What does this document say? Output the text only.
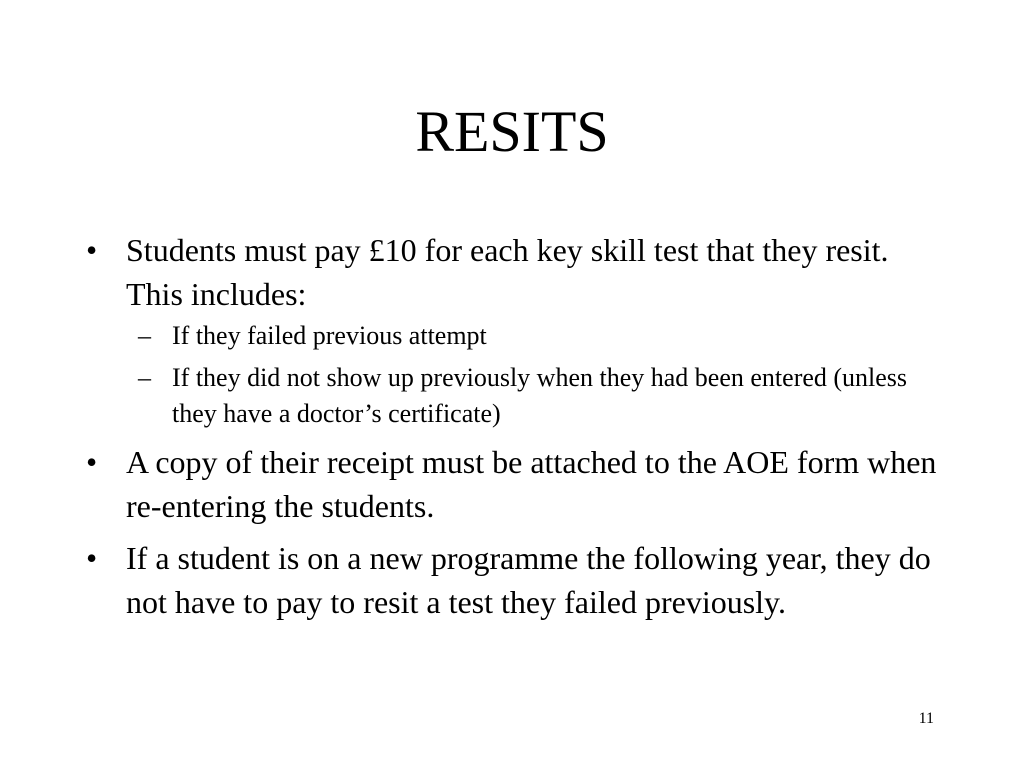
RESITS
• Students must pay £10 for each key skill test that they resit. This includes:
– If they failed previous attempt
– If they did not show up previously when they had been entered (unless they have a doctor’s certificate)
• A copy of their receipt must be attached to the AOE form when re-entering the students.
• If a student is on a new programme the following year, they do not have to pay to resit a test they failed previously.
11
